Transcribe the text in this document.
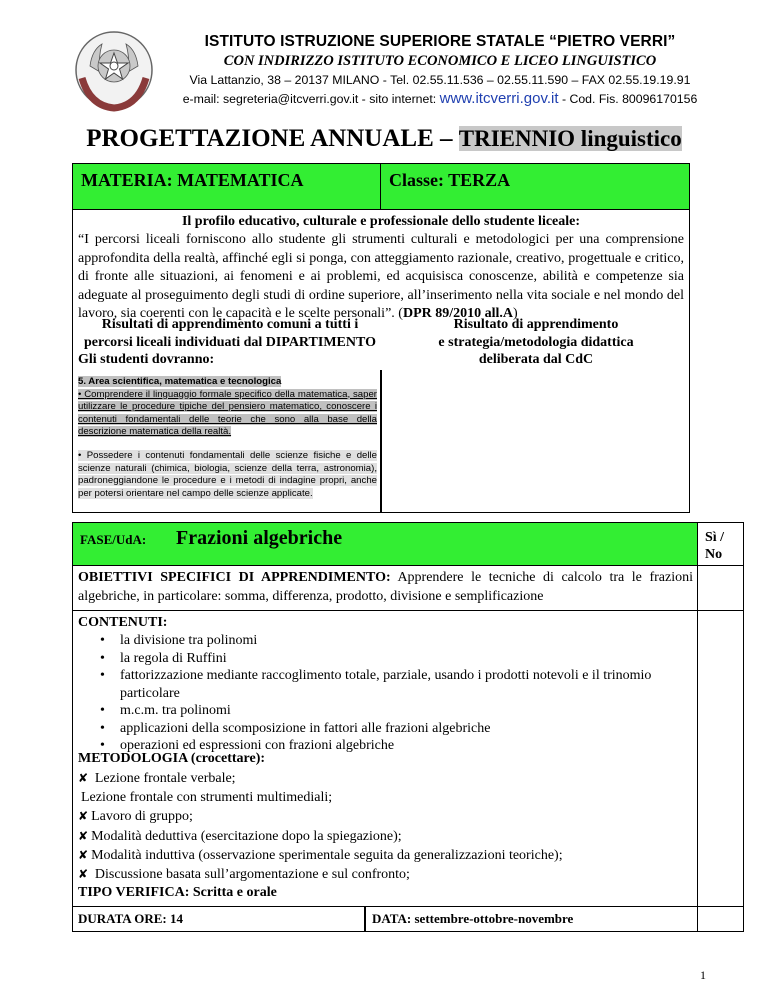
ISTITUTO ISTRUZIONE SUPERIORE STATALE “PIETRO VERRI”
CON INDIRIZZO ISTITUTO ECONOMICO E LICEO LINGUISTICO
Via Lattanzio, 38 – 20137 MILANO - Tel. 02.55.11.536 – 02.55.11.590 – FAX 02.55.19.19.91
e-mail: segreteria@itcverri.gov.it - sito internet: www.itcverri.gov.it - Cod. Fis. 80096170156
PROGETTAZIONE ANNUALE – TRIENNIO linguistico
MATERIA: MATEMATICA	Classe: TERZA
Il profilo educativo, culturale e professionale dello studente liceale:
“I percorsi liceali forniscono allo studente gli strumenti culturali e metodologici per una comprensione approfondita della realtà, affinché egli si ponga, con atteggiamento razionale, creativo, progettuale e critico, di fronte alle situazioni, ai fenomeni e ai problemi, ed acquisisca conoscenze, abilità e competenze sia adeguate al proseguimento degli studi di ordine superiore, all’inserimento nella vita sociale e nel mondo del lavoro, sia coerenti con le capacità e le scelte personali”. (DPR 89/2010 all.A)
Risultati di apprendimento comuni a tutti i
percorsi liceali individuati dal DIPARTIMENTO
Gli studenti dovranno:
Risultato di apprendimento
e strategia/metodologia didattica
deliberata dal CdC
5. Area scientifica, matematica e tecnologica
• Comprendere il linguaggio formale specifico della matematica, saper utilizzare le procedure tipiche del pensiero matematico, conoscere i contenuti fondamentali delle teorie che sono alla base della descrizione matematica della realtà.
• Possedere i contenuti fondamentali delle scienze fisiche e delle scienze naturali (chimica, biologia, scienze della terra, astronomia), padroneggiandone le procedure e i metodi di indagine propri, anche per potersi orientare nel campo delle scienze applicate.
FASE/UdA: Frazioni algebriche	Sì /
No
OBIETTIVI SPECIFICI DI APPRENDIMENTO: Apprendere le tecniche di calcolo tra le frazioni algebriche, in particolare: somma, differenza, prodotto, divisione e semplificazione
CONTENUTI:
• la divisione tra polinomi
• la regola di Ruffini
• fattorizzazione mediante raccoglimento totale, parziale, usando i prodotti notevoli e il trinomio particolare
• m.c.m. tra polinomi
• applicazioni della scomposizione in fattori alle frazioni algebriche
• operazioni ed espressioni con frazioni algebriche
METODOLOGIA (crocettare):
✘ Lezione frontale verbale;
Lezione frontale con strumenti multimediali;
✘ Lavoro di gruppo;
✘ Modalità deduttiva (esercitazione dopo la spiegazione);
✘ Modalità induttiva (osservazione sperimentale seguita da generalizzazioni teoriche);
✘ Discussione basata sull’argomentazione e sul confronto;
TIPO VERIFICA: Scritta e orale
DURATA ORE: 14	DATA: settembre-ottobre-novembre
1
